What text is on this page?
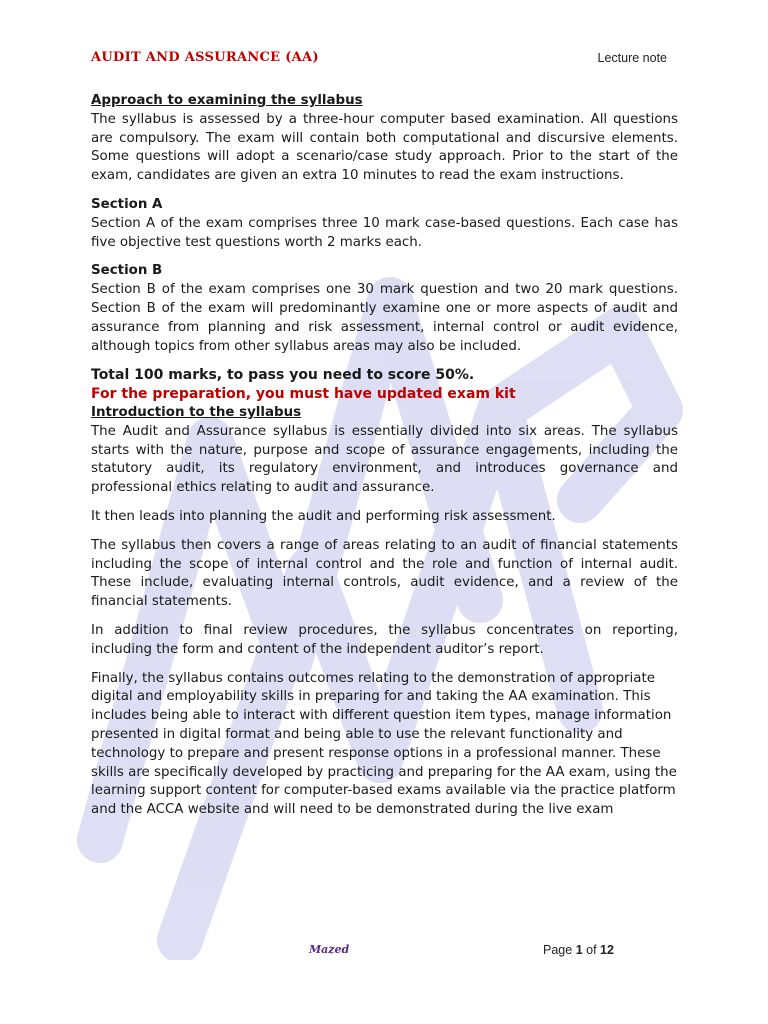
AUDIT AND ASSURANCE (AA)	Lecture note

Approach to examining the syllabus

The syllabus is assessed by a three-hour computer based examination. All questions are compulsory. The exam will contain both computational and discursive elements. Some questions will adopt a scenario/case study approach. Prior to the start of the exam, candidates are given an extra 10 minutes to read the exam instructions.

Section A

Section A of the exam comprises three 10 mark case-based questions. Each case has five objective test questions worth 2 marks each.

Section B

Section B of the exam comprises one 30 mark question and two 20 mark questions. Section B of the exam will predominantly examine one or more aspects of audit and assurance from planning and risk assessment, internal control or audit evidence, although topics from other syllabus areas may also be included.

Total 100 marks, to pass you need to score 50%.

For the preparation, you must have updated exam kit

Introduction to the syllabus

The Audit and Assurance syllabus is essentially divided into six areas. The syllabus starts with the nature, purpose and scope of assurance engagements, including the statutory audit, its regulatory environment, and introduces governance and professional ethics relating to audit and assurance.

It then leads into planning the audit and performing risk assessment.

The syllabus then covers a range of areas relating to an audit of financial statements including the scope of internal control and the role and function of internal audit. These include, evaluating internal controls, audit evidence, and a review of the financial statements.

In addition to final review procedures, the syllabus concentrates on reporting, including the form and content of the independent auditor’s report.

Finally, the syllabus contains outcomes relating to the demonstration of appropriate digital and employability skills in preparing for and taking the AA examination. This includes being able to interact with different question item types, manage information presented in digital format and being able to use the relevant functionality and technology to prepare and present response options in a professional manner. These skills are specifically developed by practicing and preparing for the AA exam, using the learning support content for computer-based exams available via the practice platform and the ACCA website and will need to be demonstrated during the live exam

Mazed	Page 1 of 12
